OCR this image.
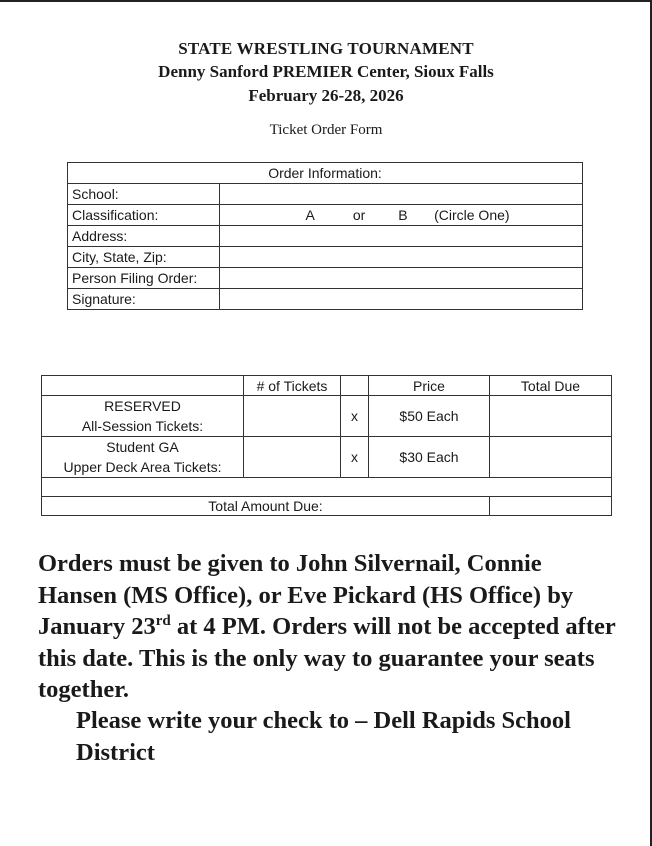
STATE WRESTLING TOURNAMENT
Denny Sanford PREMIER Center, Sioux Falls
February 26-28, 2026
Ticket Order Form
Order Information:	
School:	
Classification:	A or B (Circle One)
Address:	
City, State, Zip:	
Person Filing Order:	
Signature:	
	# of Tickets		Price	Total Due

RESERVED
All-Session Tickets:		x	$50 Each	

Student GA
Upper Deck Area Tickets:		x	$30 Each	

Total Amount Due:				
Orders must be given to John Silvernail, Connie Hansen (MS Office), or Eve Pickard (HS Office) by January 23rd at 4 PM. Orders will not be accepted after this date. This is the only way to guarantee your seats together.
Please write your check to – Dell Rapids School District
